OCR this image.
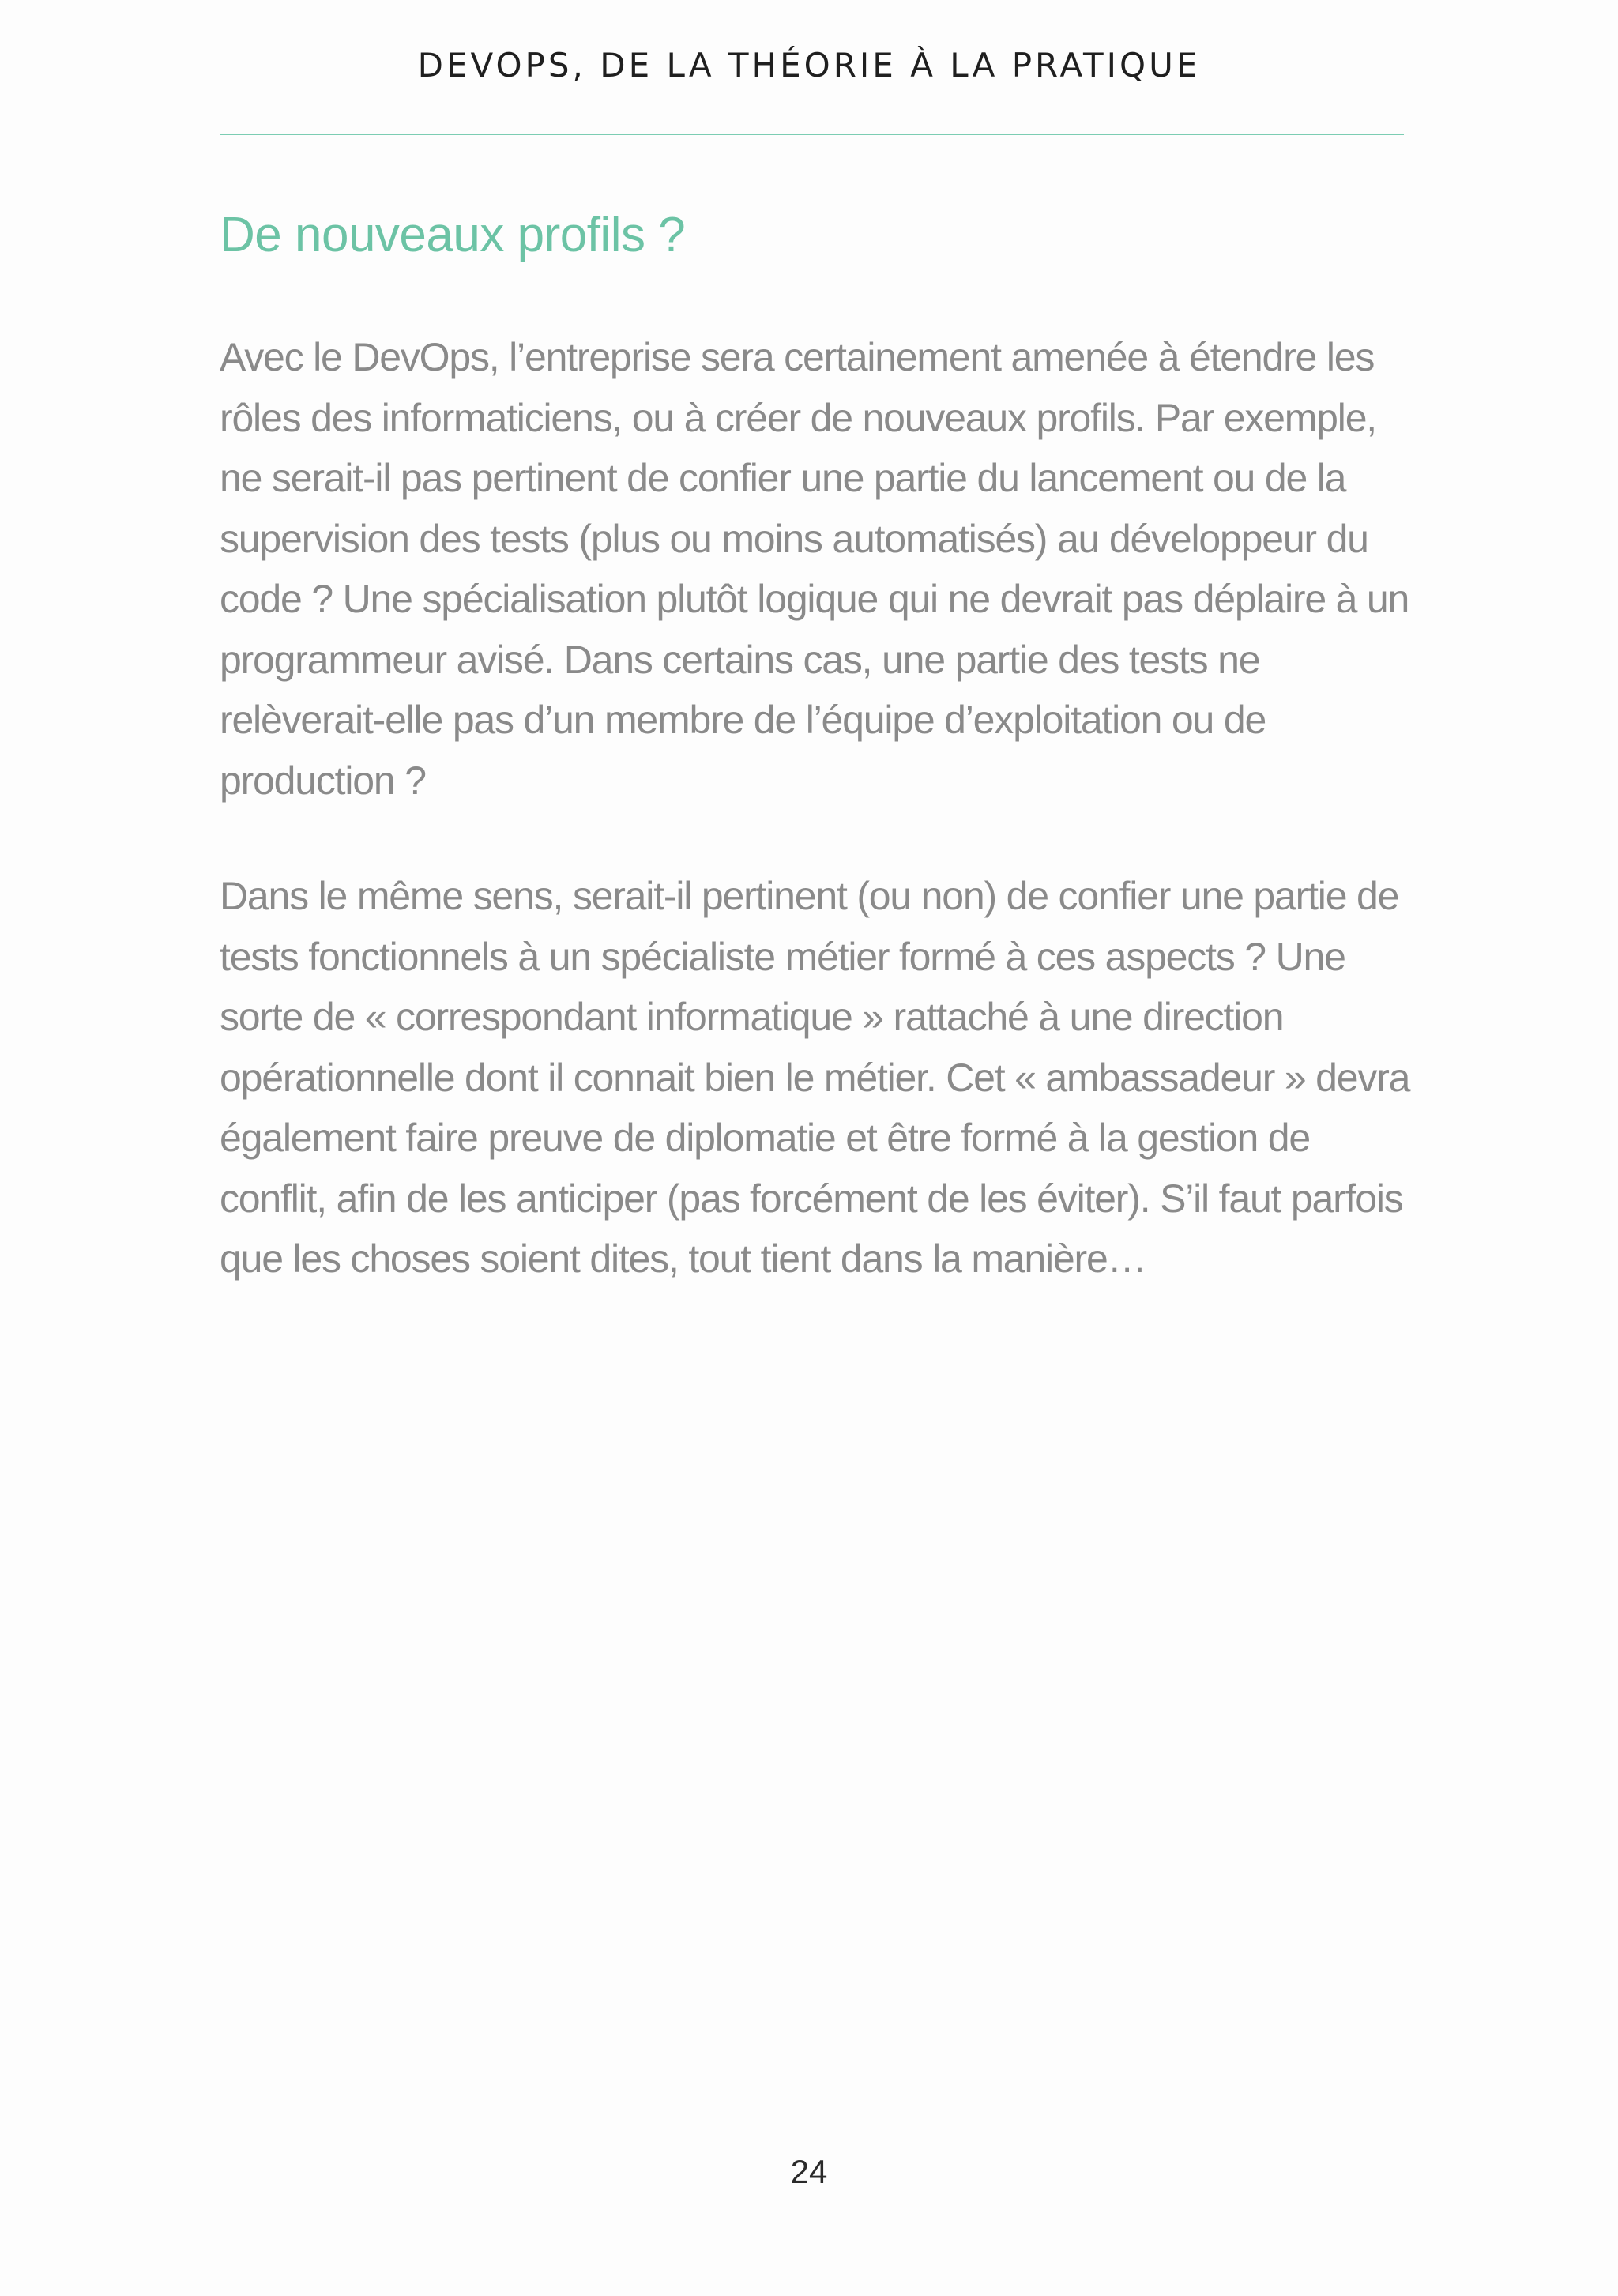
DEVOPS, DE LA THÉORIE À LA PRATIQUE
De nouveaux profils ?

Avec le DevOps, l’entreprise sera certainement amenée à étendre les rôles des informaticiens, ou à créer de nouveaux profils. Par exemple, ne serait-il pas pertinent de confier une partie du lancement ou de la supervision des tests (plus ou moins automatisés) au développeur du code ? Une spécialisation plutôt logique qui ne devrait pas déplaire à un programmeur avisé. Dans certains cas, une partie des tests ne relèverait-elle pas d’un membre de l’équipe d’exploitation ou de production ?

Dans le même sens, serait-il pertinent (ou non) de confier une partie de tests fonctionnels à un spécialiste métier formé à ces aspects ? Une sorte de « correspondant informatique » rattaché à une direction opérationnelle dont il connait bien le métier. Cet « ambassadeur » devra également faire preuve de diplomatie et être formé à la gestion de conflit, afin de les anticiper (pas forcément de les éviter). S’il faut parfois que les choses soient dites, tout tient dans la manière…

24
